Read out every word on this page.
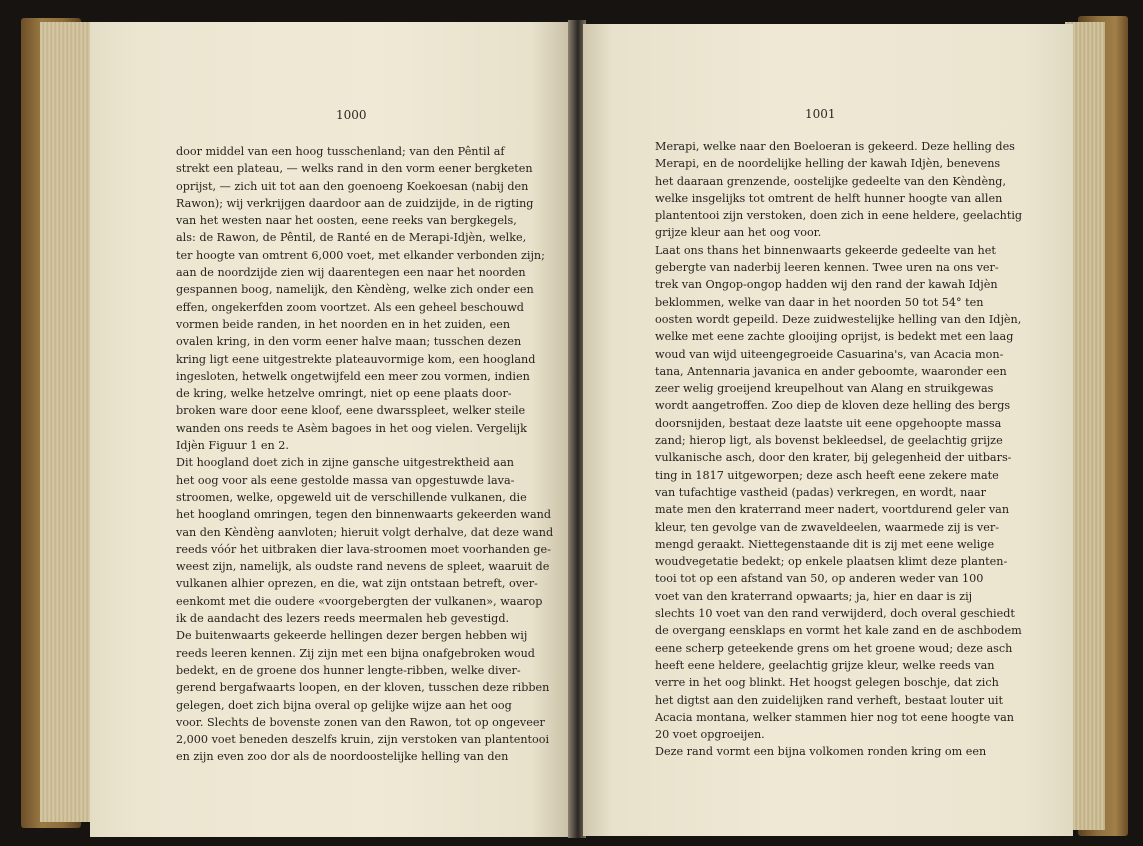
1000
door middel van een hoog tusschenland; van den Pêntil af
strekt een plateau, — welks rand in den vorm eener bergketen
oprijst, — zich uit tot aan den goenoeng Koekoesan (nabij den
Rawon); wij verkrijgen daardoor aan de zuidzijde, in de rigting
van het westen naar het oosten, eene reeks van bergkegels,
als: de Rawon, de Pêntil, de Ranté en de Merapi-Idjèn, welke,
ter hoogte van omtrent 6,000 voet, met elkander verbonden zijn;
aan de noordzijde zien wij daarentegen een naar het noorden
gespannen boog, namelijk, den Kèndèng, welke zich onder een
effen, ongekerfden zoom voortzet. Als een geheel beschouwd
vormen beide randen, in het noorden en in het zuiden, een
ovalen kring, in den vorm eener halve maan; tusschen dezen
kring ligt eene uitgestrekte plateauvormige kom, een hoogland
ingesloten, hetwelk ongetwijfeld een meer zou vormen, indien
de kring, welke hetzelve omringt, niet op eene plaats door-
broken ware door eene kloof, eene dwarsspleet, welker steile
wanden ons reeds te Asèm bagoes in het oog vielen. Vergelijk
Idjèn Figuur 1 en 2.
Dit hoogland doet zich in zijne gansche uitgestrektheid aan
het oog voor als eene gestolde massa van opgestuwde lava-
stroomen, welke, opgeweld uit de verschillende vulkanen, die
het hoogland omringen, tegen den binnenwaarts gekeerden wand
van den Kèndèng aanvloten; hieruit volgt derhalve, dat deze wand
reeds vóór het uitbraken dier lava-stroomen moet voorhanden ge-
weest zijn, namelijk, als oudste rand nevens de spleet, waaruit de
vulkanen alhier oprezen, en die, wat zijn ontstaan betreft, over-
eenkomt met die oudere «voorgebergten der vulkanen», waarop
ik de aandacht des lezers reeds meermalen heb gevestigd.
De buitenwaarts gekeerde hellingen dezer bergen hebben wij
reeds leeren kennen. Zij zijn met een bijna onafgebroken woud
bedekt, en de groene dos hunner lengte-ribben, welke diver-
gerend bergafwaarts loopen, en der kloven, tusschen deze ribben
gelegen, doet zich bijna overal op gelijke wijze aan het oog
voor. Slechts de bovenste zonen van den Rawon, tot op ongeveer
2,000 voet beneden deszelfs kruin, zijn verstoken van plantentooi
en zijn even zoo dor als de noordoostelijke helling van den
1001
Merapi, welke naar den Boeloeran is gekeerd. Deze helling des
Merapi, en de noordelijke helling der kawah Idjèn, benevens
het daaraan grenzende, oostelijke gedeelte van den Kèndèng,
welke insgelijks tot omtrent de helft hunner hoogte van allen
plantentooi zijn verstoken, doen zich in eene heldere, geelachtig
grijze kleur aan het oog voor.
Laat ons thans het binnenwaarts gekeerde gedeelte van het
gebergte van naderbij leeren kennen. Twee uren na ons ver-
trek van Ongop-ongop hadden wij den rand der kawah Idjèn
beklommen, welke van daar in het noorden 50 tot 54° ten
oosten wordt gepeild. Deze zuidwestelijke helling van den Idjèn,
welke met eene zachte glooijing oprijst, is bedekt met een laag
woud van wijd uiteengegroeide Casuarina's, van Acacia mon-
tana, Antennaria javanica en ander geboomte, waaronder een
zeer welig groeijend kreupelhout van Alang en struikgewas
wordt aangetroffen. Zoo diep de kloven deze helling des bergs
doorsnijden, bestaat deze laatste uit eene opgehoopte massa
zand; hierop ligt, als bovenst bekleedsel, de geelachtig grijze
vulkanische asch, door den krater, bij gelegenheid der uitbars-
ting in 1817 uitgeworpen; deze asch heeft eene zekere mate
van tufachtige vastheid (padas) verkregen, en wordt, naar
mate men den kraterrand meer nadert, voortdurend geler van
kleur, ten gevolge van de zwaveldeelen, waarmede zij is ver-
mengd geraakt. Niettegenstaande dit is zij met eene welige
woudvegetatie bedekt; op enkele plaatsen klimt deze planten-
tooi tot op een afstand van 50, op anderen weder van 100
voet van den kraterrand opwaarts; ja, hier en daar is zij
slechts 10 voet van den rand verwijderd, doch overal geschiedt
de overgang eensklaps en vormt het kale zand en de aschbodem
eene scherp geteekende grens om het groene woud; deze asch
heeft eene heldere, geelachtig grijze kleur, welke reeds van
verre in het oog blinkt. Het hoogst gelegen boschje, dat zich
het digtst aan den zuidelijken rand verheft, bestaat louter uit
Acacia montana, welker stammen hier nog tot eene hoogte van
20 voet opgroeijen.
Deze rand vormt een bijna volkomen ronden kring om een
